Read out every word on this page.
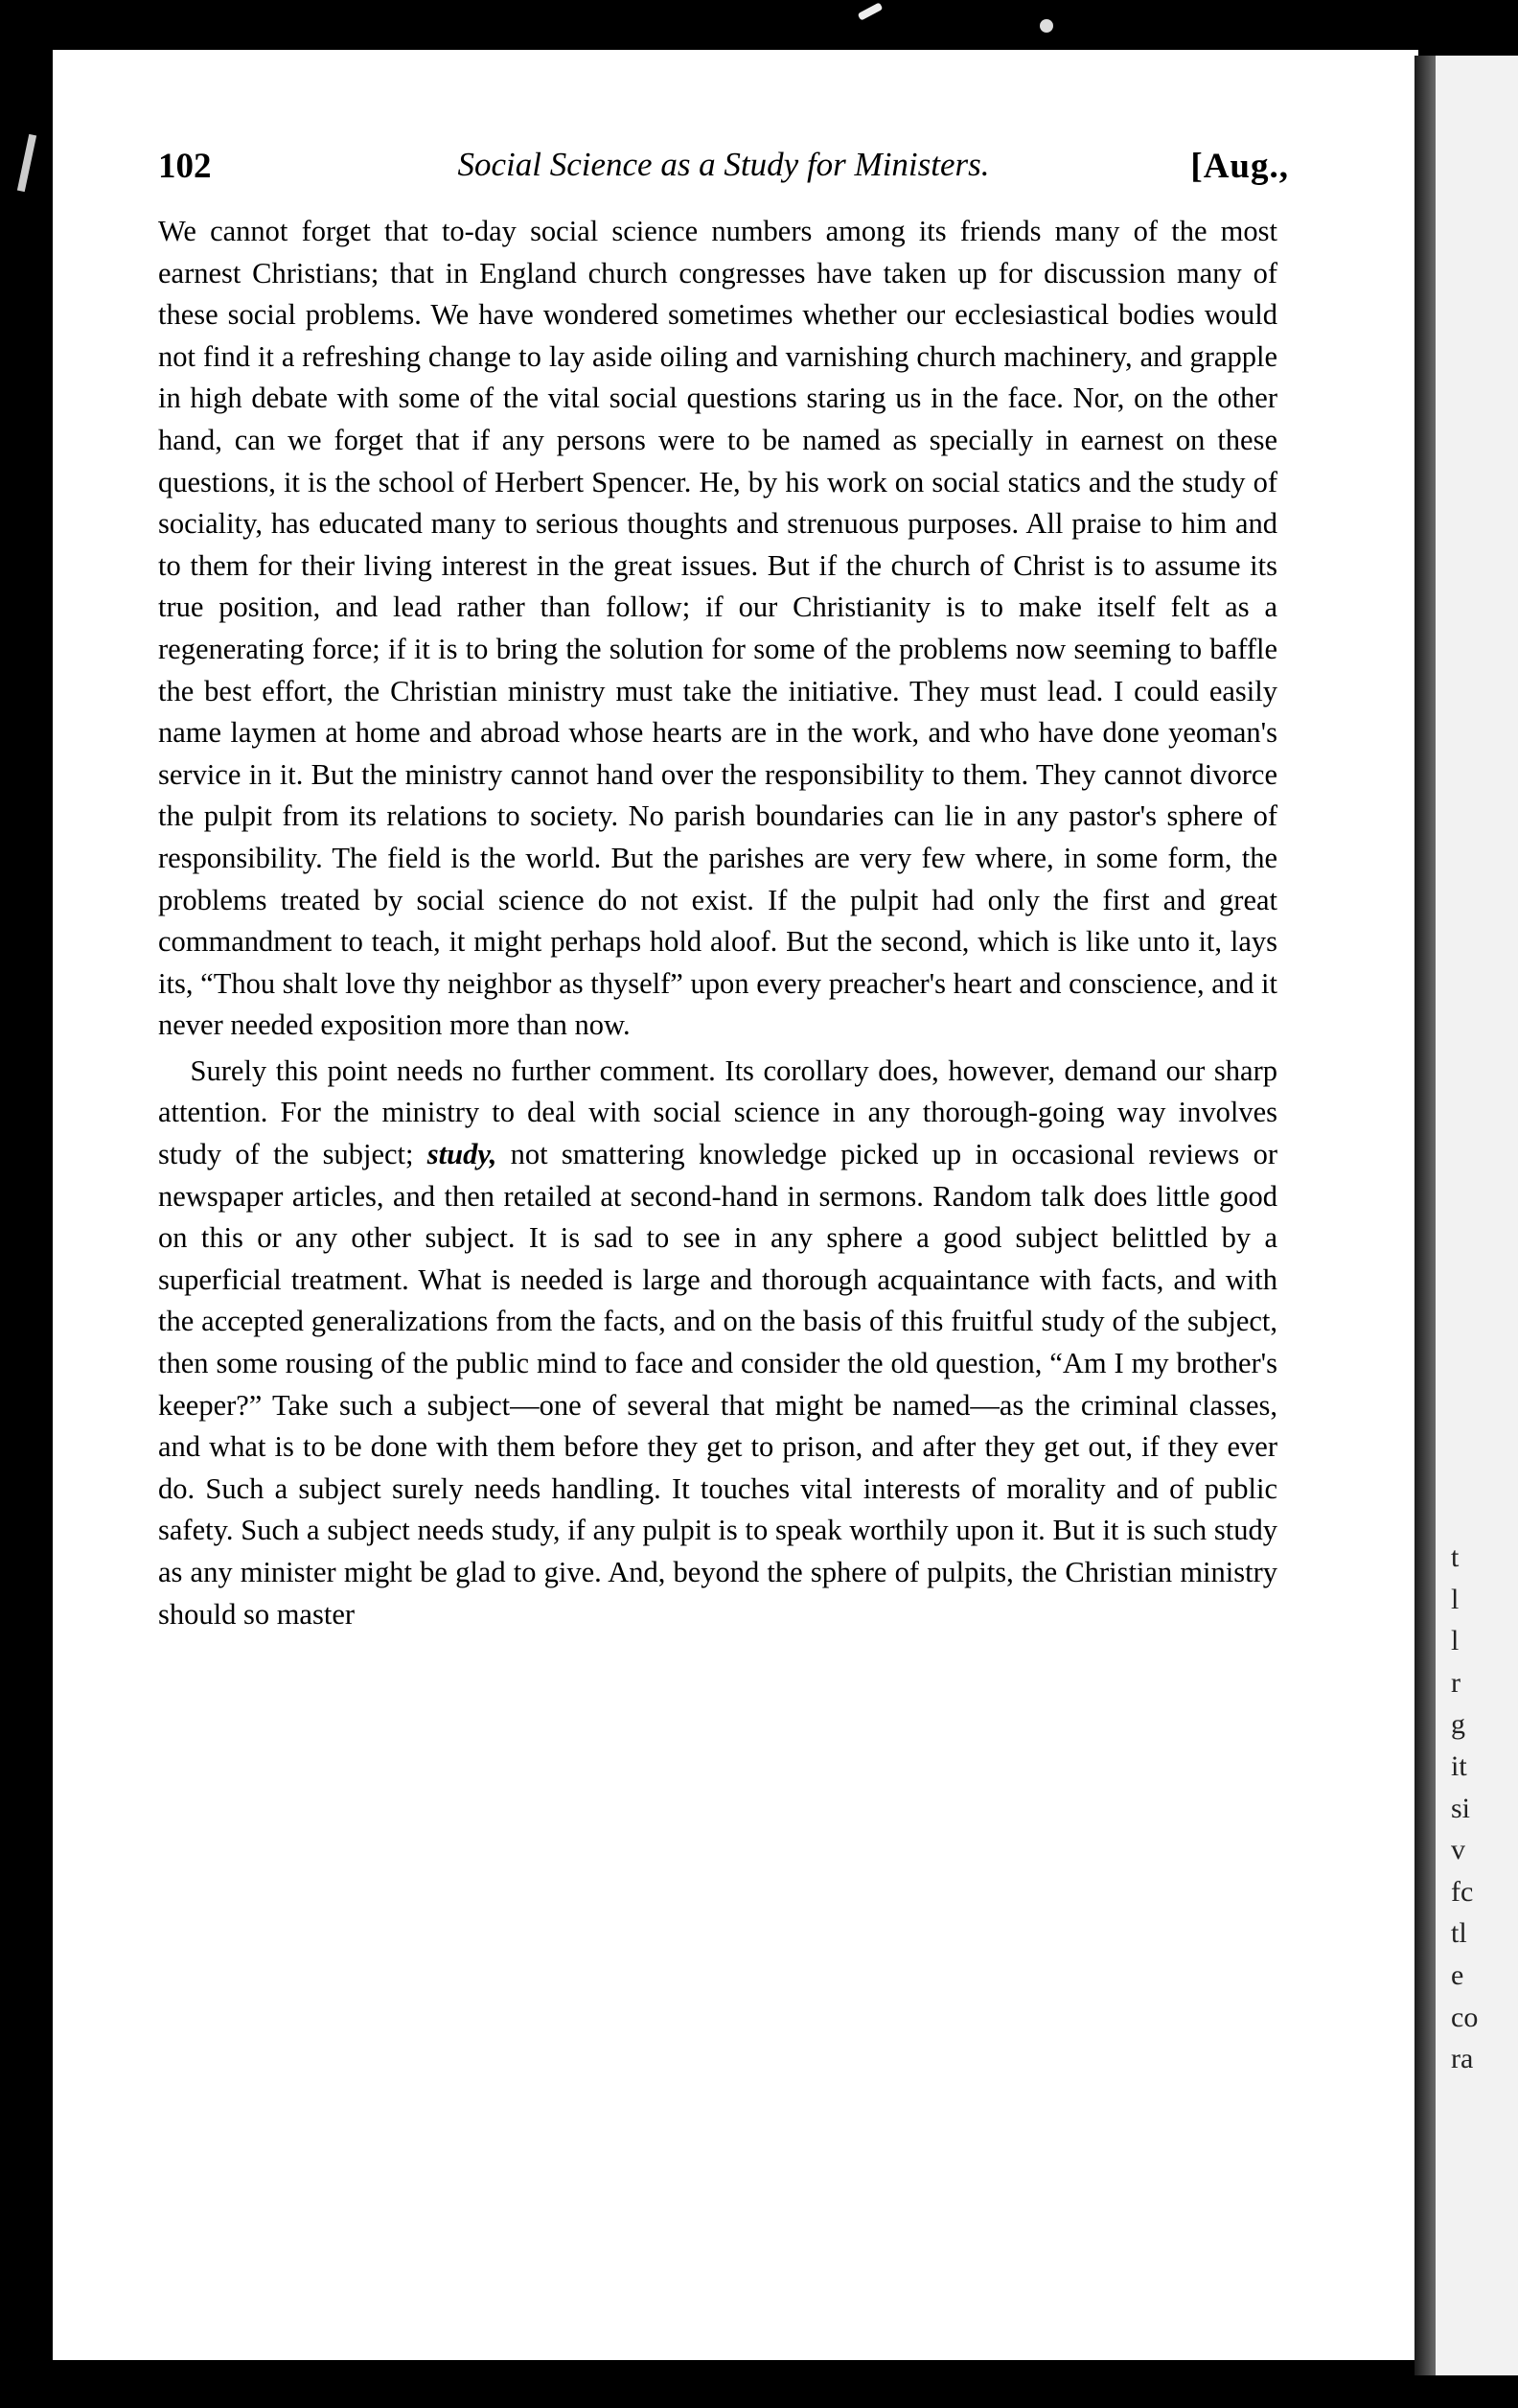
t
l
l
r
g
it
si
v
fc
tl
e
co
ra
Social Science as a Study for Ministers.
102	[Aug.,

We cannot forget that to-day social science numbers among its friends many of the most earnest Christians; that in England church congresses have taken up for discussion many of these social problems. We have wondered sometimes whether our ecclesiastical bodies would not find it a refreshing change to lay aside oiling and varnishing church machinery, and grapple in high debate with some of the vital social questions staring us in the face. Nor, on the other hand, can we forget that if any persons were to be named as specially in earnest on these questions, it is the school of Herbert Spencer. He, by his work on social statics and the study of sociality, has educated many to serious thoughts and strenuous purposes. All praise to him and to them for their living interest in the great issues. But if the church of Christ is to assume its true position, and lead rather than follow; if our Christianity is to make itself felt as a regenerating force; if it is to bring the solution for some of the problems now seeming to baffle the best effort, the Christian ministry must take the initiative. They must lead. I could easily name laymen at home and abroad whose hearts are in the work, and who have done yeoman's service in it. But the ministry cannot hand over the responsibility to them. They cannot divorce the pulpit from its relations to society. No parish boundaries can lie in any pastor's sphere of responsibility. The field is the world. But the parishes are very few where, in some form, the problems treated by social science do not exist. If the pulpit had only the first and great commandment to teach, it might perhaps hold aloof. But the second, which is like unto it, lays its, “Thou shalt love thy neighbor as thyself” upon every preacher's heart and conscience, and it never needed exposition more than now.

Surely this point needs no further comment. Its corollary does, however, demand our sharp attention. For the ministry to deal with social science in any thorough-going way involves study of the subject; study, not smattering knowledge picked up in occasional reviews or newspaper articles, and then retailed at second-hand in sermons. Random talk does little good on this or any other subject. It is sad to see in any sphere a good subject belittled by a superficial treatment. What is needed is large and thorough acquaintance with facts, and with the accepted generalizations from the facts, and on the basis of this fruitful study of the subject, then some rousing of the public mind to face and consider the old question, “Am I my brother's keeper?” Take such a subject—one of several that might be named—as the criminal classes, and what is to be done with them before they get to prison, and after they get out, if they ever do. Such a subject surely needs handling. It touches vital interests of morality and of public safety. Such a subject needs study, if any pulpit is to speak worthily upon it. But it is such study as any minister might be glad to give. And, beyond the sphere of pulpits, the Christian ministry should so master
